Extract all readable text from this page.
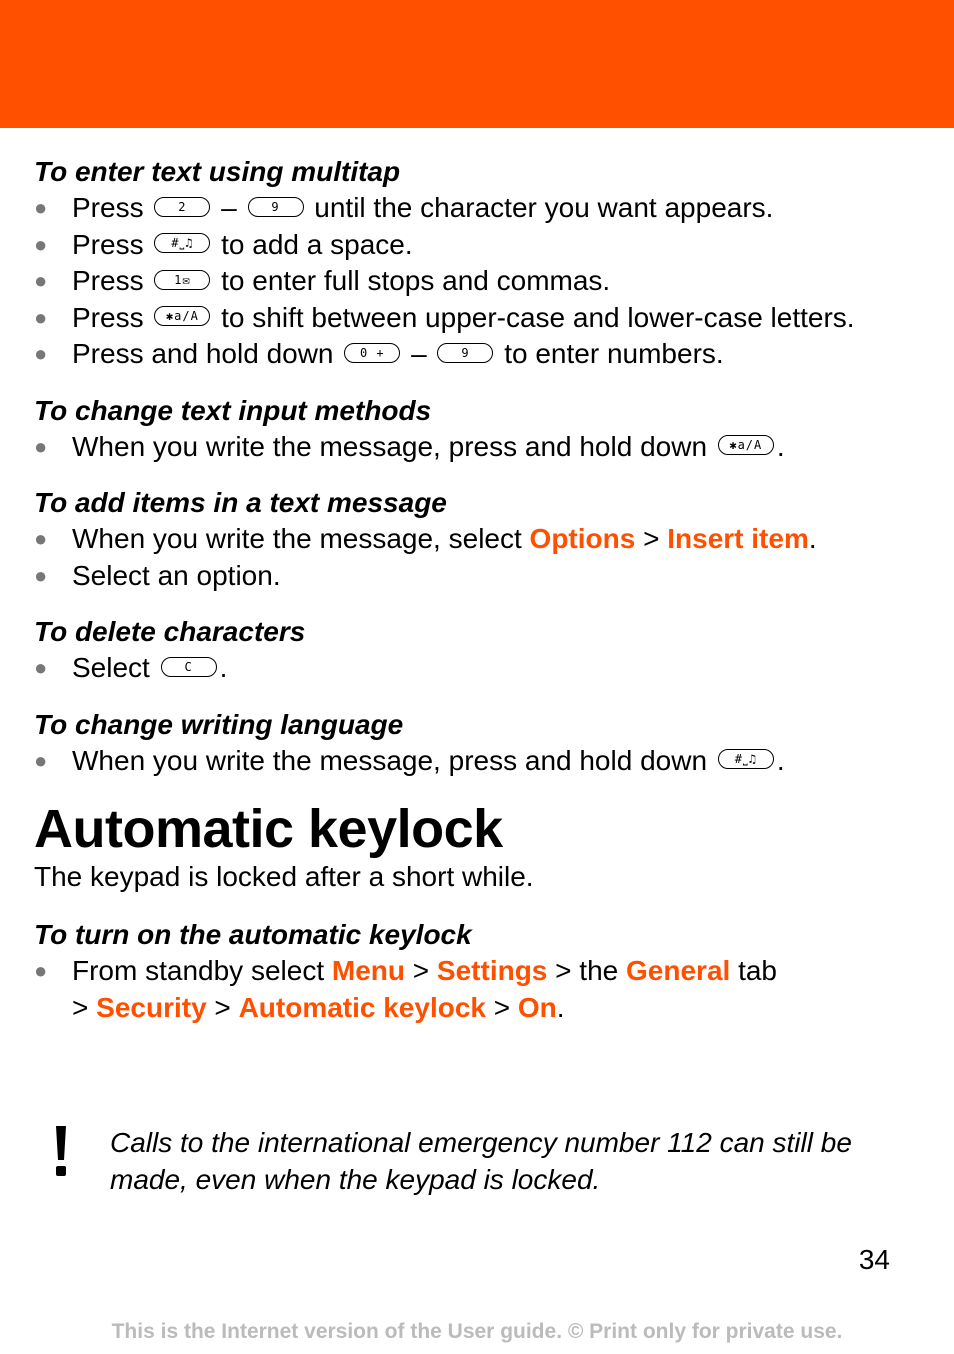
To enter text using multitap

● Press	2 –	9 until the character you want appears.
● Press #⎵♫ to add a space.
● Press	1✉ to enter full stops and commas.
● Press ✱a/A to shift between upper-case and lower-case letters.
● Press and hold down 0 + –	9 to enter numbers.

To change text input methods

● When you write the message, press and hold down ✱a/A .

To add items in a text message

● When you write the message, select Options > Insert item.
● Select an option.

To delete characters

● Select	C .

To change writing language

● When you write the message, press and hold down #⎵♫ .
Automatic keylock

The keypad is locked after a short while.

To turn on the automatic keylock

● From standby select Menu > Settings > the General tab
> Security > Automatic keylock > On.
Calls to the international emergency number 112 can still be made, even when the keypad is locked.
34
This is the Internet version of the User guide. © Print only for private use.
